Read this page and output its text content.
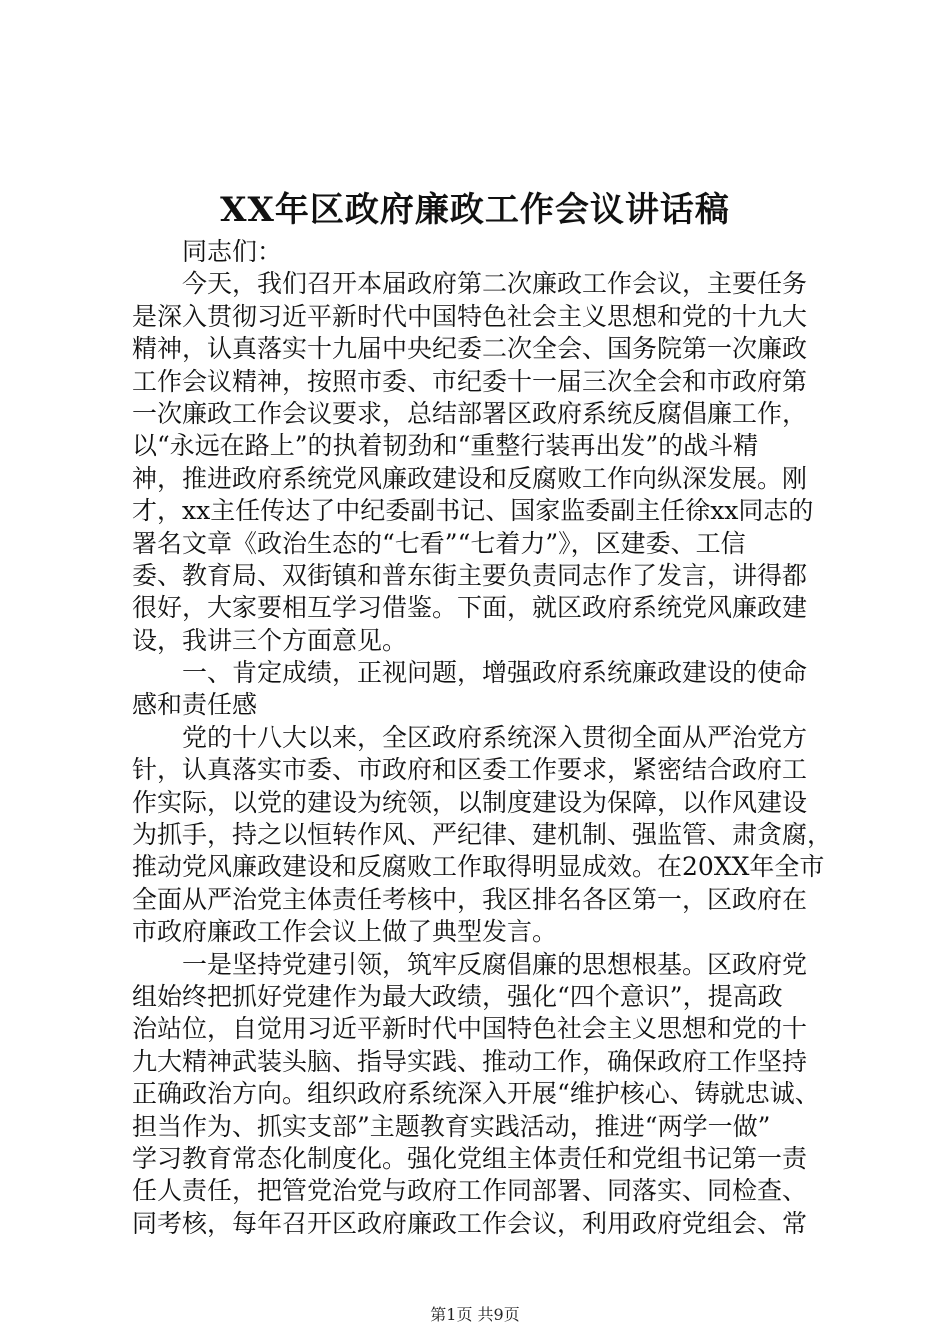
XX年区政府廉政工作会议讲话稿
同志们：
今天，我们召开本届政府第二次廉政工作会议，主要任务
是深入贯彻习近平新时代中国特色社会主义思想和党的十九大
精神，认真落实十九届中央纪委二次全会、国务院第一次廉政
工作会议精神，按照市委、市纪委十一届三次全会和市政府第
一次廉政工作会议要求，总结部署区政府系统反腐倡廉工作，
以“永远在路上”的执着韧劲和“重整行装再出发”的战斗精
神，推进政府系统党风廉政建设和反腐败工作向纵深发展。刚
才，xx主任传达了中纪委副书记、国家监委副主任徐xx同志的
署名文章《政治生态的“七看”“七着力”》，区建委、工信
委、教育局、双街镇和普东街主要负责同志作了发言，讲得都
很好，大家要相互学习借鉴。下面，就区政府系统党风廉政建
设，我讲三个方面意见。
一、肯定成绩，正视问题，增强政府系统廉政建设的使命
感和责任感
党的十八大以来，全区政府系统深入贯彻全面从严治党方
针，认真落实市委、市政府和区委工作要求，紧密结合政府工
作实际，以党的建设为统领，以制度建设为保障，以作风建设
为抓手，持之以恒转作风、严纪律、建机制、强监管、肃贪腐，
推动党风廉政建设和反腐败工作取得明显成效。在20XX年全市
全面从严治党主体责任考核中，我区排名各区第一，区政府在
市政府廉政工作会议上做了典型发言。
一是坚持党建引领，筑牢反腐倡廉的思想根基。区政府党
组始终把抓好党建作为最大政绩，强化“四个意识”，提高政
治站位，自觉用习近平新时代中国特色社会主义思想和党的十
九大精神武装头脑、指导实践、推动工作，确保政府工作坚持
正确政治方向。组织政府系统深入开展“维护核心、铸就忠诚、
担当作为、抓实支部”主题教育实践活动，推进“两学一做”
学习教育常态化制度化。强化党组主体责任和党组书记第一责
任人责任，把管党治党与政府工作同部署、同落实、同检查、
同考核，每年召开区政府廉政工作会议，利用政府党组会、常
第1页 共9页
